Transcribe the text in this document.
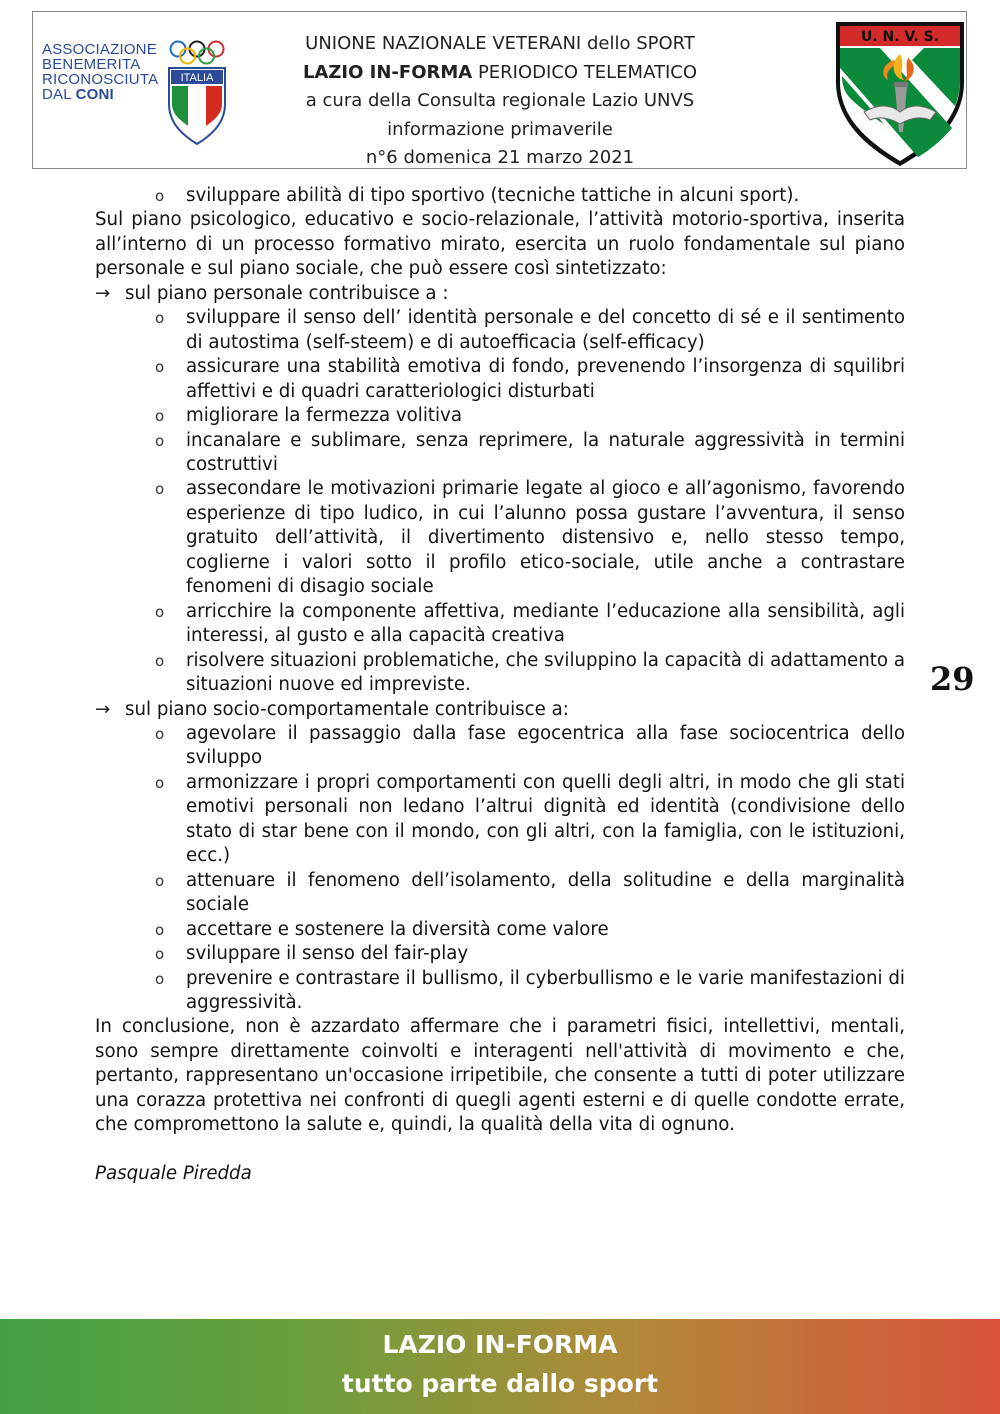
ASSOCIAZIONE
BENEMERITA
RICONOSCIUTA
DAL CONI
ITALIA
UNIONE NAZIONALE VETERANI dello SPORT
LAZIO IN-FORMA PERIODICO TELEMATICO
a cura della Consulta regionale Lazio UNVS
informazione primaverile
n°6 domenica 21 marzo 2021
U. N. V. S.
o sviluppare abilità di tipo sportivo (tecniche tattiche in alcuni sport).

Sul piano psicologico, educativo e socio-relazionale, l’attività motorio-sportiva, inserita all’interno di un processo formativo mirato, esercita un ruolo fondamentale sul piano personale e sul piano sociale, che può essere così sintetizzato:

→ sul piano personale contribuisce a :
o sviluppare il senso dell’ identità personale e del concetto di sé e il sentimento di autostima (self-steem) e di autoefficacia (self-efficacy)
o assicurare una stabilità emotiva di fondo, prevenendo l’insorgenza di squilibri affettivi e di quadri caratteriologici disturbati
o migliorare la fermezza volitiva
o incanalare e sublimare, senza reprimere, la naturale aggressività in termini costruttivi
o assecondare le motivazioni primarie legate al gioco e all’agonismo, favorendo esperienze di tipo ludico, in cui l’alunno possa gustare l’avventura, il senso gratuito dell’attività, il divertimento distensivo e, nello stesso tempo, coglierne i valori sotto il profilo etico-sociale, utile anche a contrastare fenomeni di disagio sociale
o arricchire la componente affettiva, mediante l’educazione alla sensibilità, agli interessi, al gusto e alla capacità creativa
o risolvere situazioni problematiche, che sviluppino la capacità di adattamento a situazioni nuove ed impreviste.
→ sul piano socio-comportamentale contribuisce a:
o agevolare il passaggio dalla fase egocentrica alla fase sociocentrica dello sviluppo
o armonizzare i propri comportamenti con quelli degli altri, in modo che gli stati emotivi personali non ledano l’altrui dignità ed identità (condivisione dello stato di star bene con il mondo, con gli altri, con la famiglia, con le istituzioni, ecc.)
o attenuare il fenomeno dell’isolamento, della solitudine e della marginalità sociale
o accettare e sostenere la diversità come valore
o sviluppare il senso del fair-play
o prevenire e contrastare il bullismo, il cyberbullismo e le varie manifestazioni di aggressività.

In conclusione, non è azzardato affermare che i parametri fisici, intellettivi, mentali, sono sempre direttamente coinvolti e interagenti nell'attività di movimento e che, pertanto, rappresentano un'occasione irripetibile, che consente a tutti di poter utilizzare una corazza protettiva nei confronti di quegli agenti esterni e di quelle condotte errate, che compromettono la salute e, quindi, la qualità della vita di ognuno.

Pasquale Piredda

29
LAZIO IN-FORMA
tutto parte dallo sport
